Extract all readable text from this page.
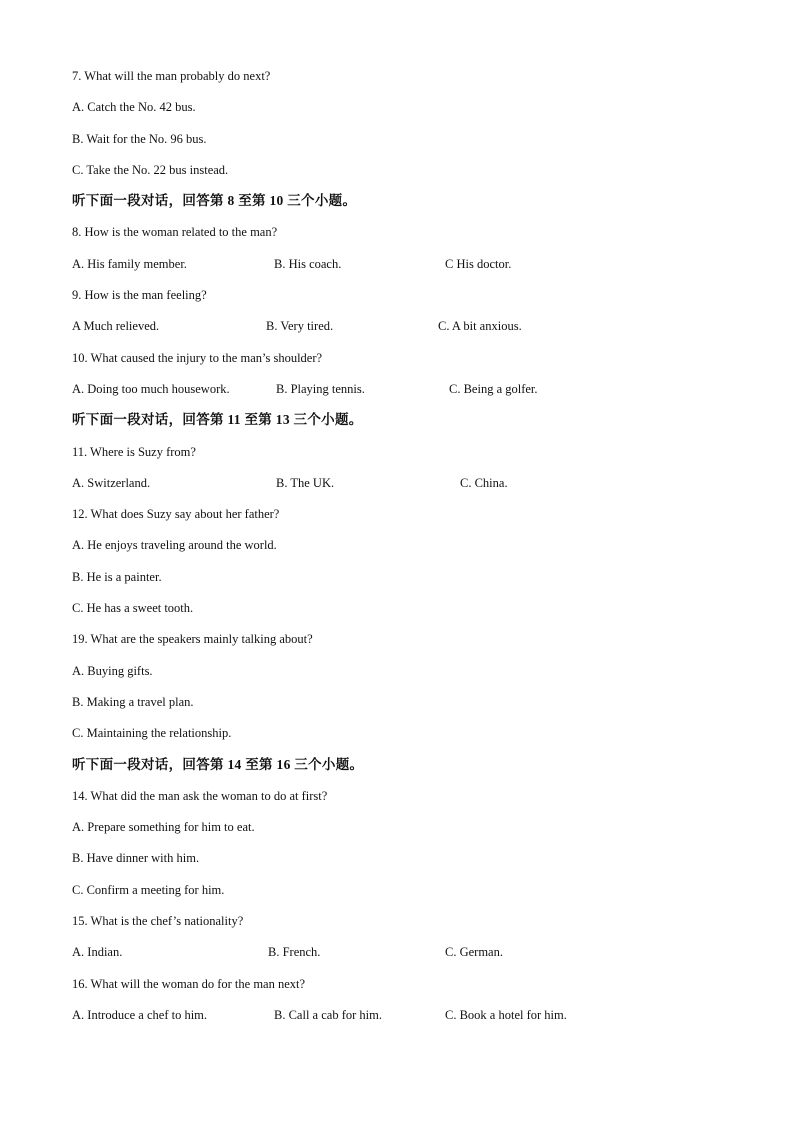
7. What will the man probably do next?
A. Catch the No. 42 bus.
B. Wait for the No. 96 bus.
C. Take the No. 22 bus instead.
听下面一段对话，回答第 8 至第 10 三个小题。
8. How is the woman related to the man?
A. His family member.	B. His coach.	C His doctor.
9. How is the man feeling?
A Much relieved.	B. Very tired.	C. A bit anxious.
10. What caused the injury to the man’s shoulder?
A. Doing too much housework.	B. Playing tennis.	C. Being a golfer.
听下面一段对话，回答第 11 至第 13 三个小题。
11. Where is Suzy from?
A. Switzerland.	B. The UK.	C. China.
12. What does Suzy say about her father?
A. He enjoys traveling around the world.
B. He is a painter.
C. He has a sweet tooth.
19. What are the speakers mainly talking about?
A. Buying gifts.
B. Making a travel plan.
C. Maintaining the relationship.
听下面一段对话，回答第 14 至第 16 三个小题。
14. What did the man ask the woman to do at first?
A. Prepare something for him to eat.
B. Have dinner with him.
C. Confirm a meeting for him.
15. What is the chef’s nationality?
A. Indian.	B. French.	C. German.
16. What will the woman do for the man next?
A. Introduce a chef to him.	B. Call a cab for him.	C. Book a hotel for him.
